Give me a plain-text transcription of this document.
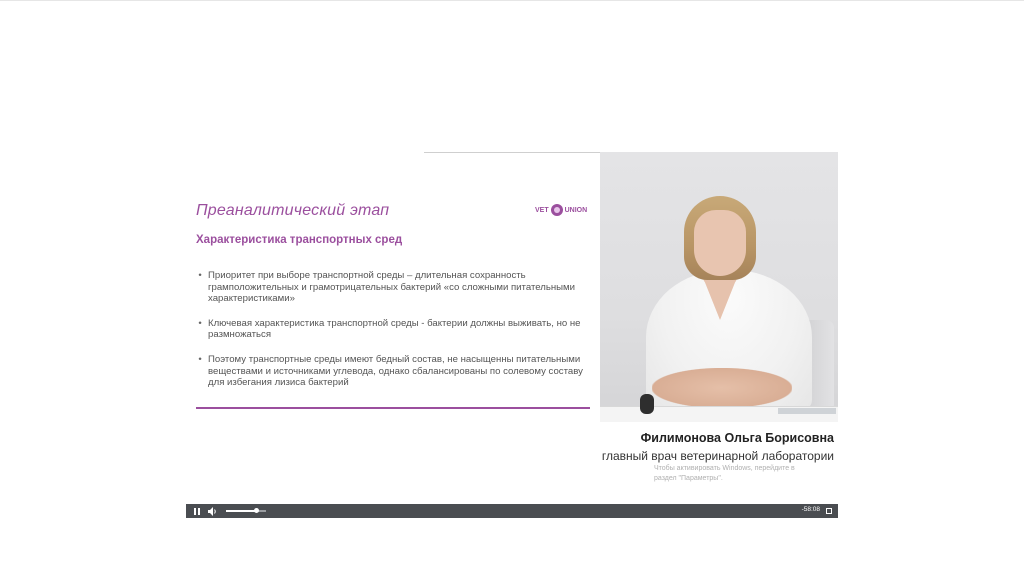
Преаналитический этап	VET UNION
Характеристика транспортных сред
• Приоритет при выборе транспортной среды – длительная сохранность грамположительных и грамотрицательных бактерий «со сложными питательными характеристиками»
• Ключевая характеристика транспортной среды - бактерии должны выживать, но не размножаться
• Поэтому транспортные среды имеют бедный состав, не насыщенны питательными веществами и источниками углевода, однако сбалансированы по солевому составу для избегания лизиса бактерий
Филимонова Ольга Борисовна
главный врач ветеринарной лаборатории
Чтобы активировать Windows, перейдите в
раздел "Параметры".
-58:08
